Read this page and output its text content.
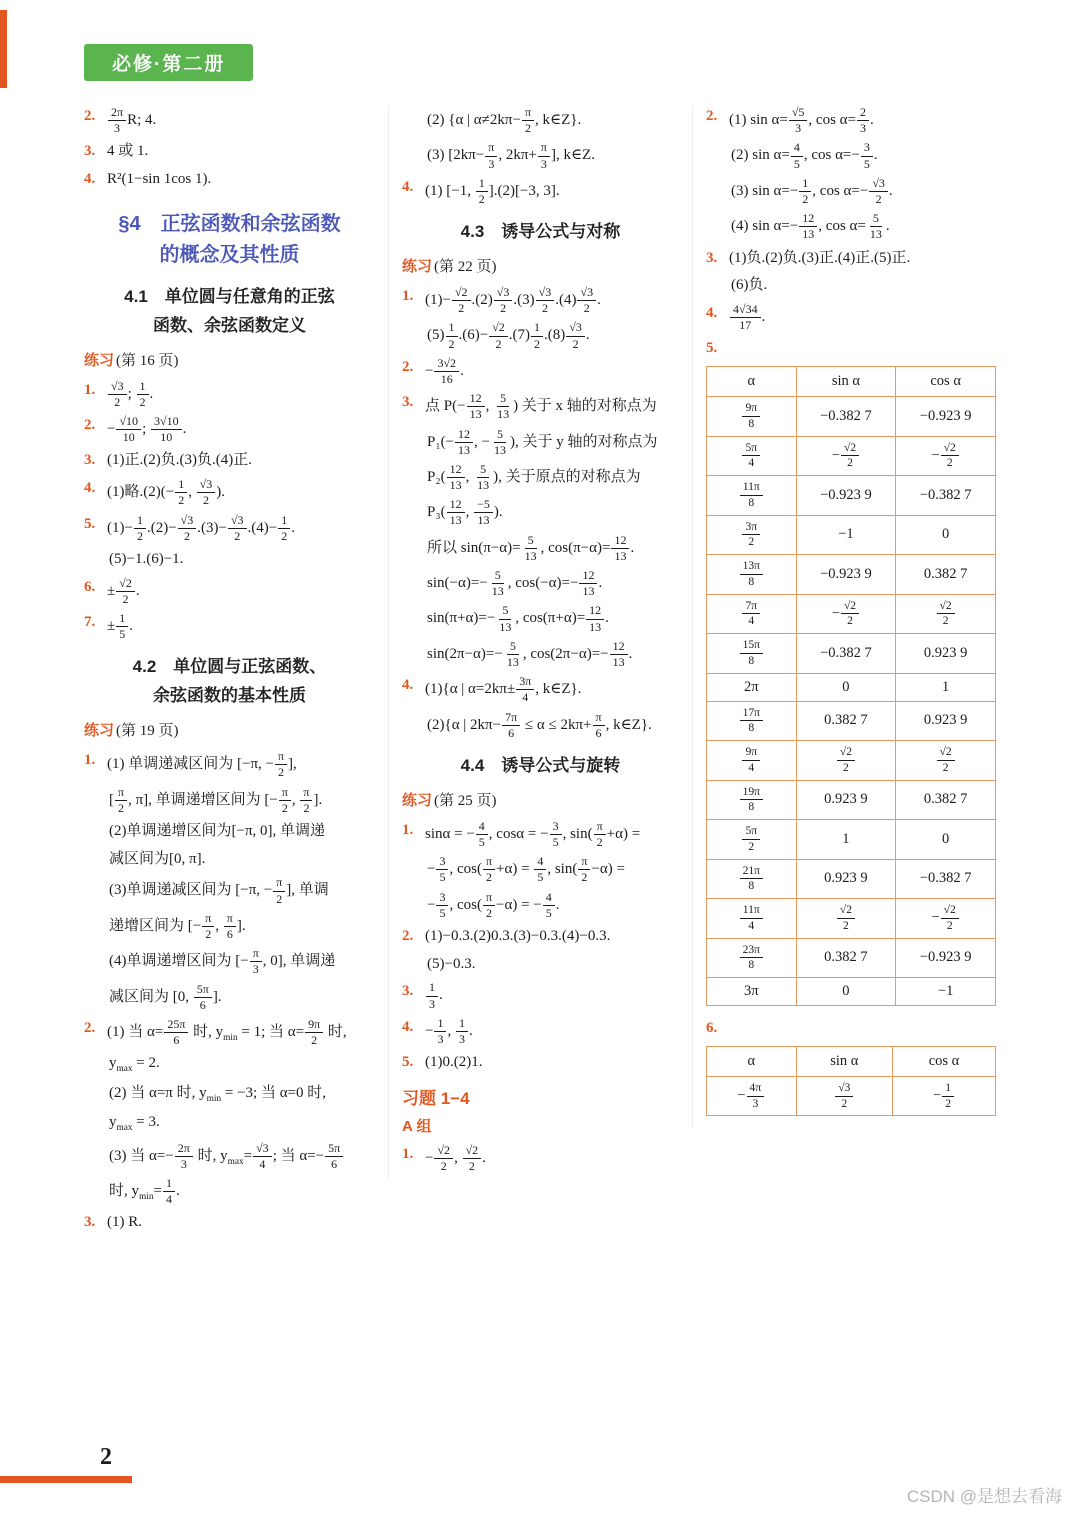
必修·第二册
2.	$\frac{2\pi}{3} R$; 4.
3. 4 或 1.
4. R²(1−sin 1cos 1).
§4　正弦函数和余弦函数
的概念及其性质
4.1　单位圆与任意角的正弦
函数、余弦函数定义
练习 (第 16 页)
1.	$\frac{√3}{2}$ ; $\frac{1}{2}$ .
2. − $\frac{√10}{10}$ ; $\frac{3√10}{10}$ .
3. (1)正.(2)负.(3)负.(4)正.
4. (1)略$.(2)(- \frac{1}{2}$ , $\frac{√3}{2}$ ).
5. $(1)- \frac{1}{2} .(2)- \frac{√3}{2} .(3)- \frac{√3}{2} .(4)- \frac{1}{2}$ .
(5)−1.(6)−1.
6. ± $\frac{√2}{2}$ .
7. ± $\frac{1}{5}$ .
4.2　单位圆与正弦函数、
余弦函数的基本性质
练习 (第 19 页)
1. (1) 单调递减区间为 [−π, − $\frac{\pi}{2}$ ],
[ $\frac{\pi}{2}$ , π], 单调递增区间为 [− $\frac{\pi}{2}$ , $\frac{\pi}{2}$ ].
(2)单调递增区间为[−π, 0], 单调递
减区间为[0, π].
(3)单调递减区间为 [−π, − $\frac{\pi}{2}$ ], 单调
递增区间为 [− $\frac{\pi}{2}$ , $\frac{\pi}{6}$ ].
(4)单调递增区间为 [− $\frac{\pi}{3}$ , 0], 单调递
减区间为 [0, $\frac{5\pi}{6}$ ].
2. (1) 当 $\alpha= \frac{25\pi}{6}$ 时, $y_{min} = 1$; 当 $\alpha= \frac{9\pi}{2}$ 时,
$y_{max} = 2$.
(2) 当 α=π 时, $y_{min} = -3$; 当 α=0 时,
$y_{max} = 3$.
(3) 当 $\alpha=- \frac{2\pi}{3}$ 时, $y_{max}= \frac{√3}{4}$ ; 当 $\alpha=- \frac{5\pi}{6}$
时, $y_{min}= \frac{1}{4}$ .
3. (1) R.
(2) {α | $\alpha\ne 2k\pi- \frac{\pi}{2}$ , k∈Z}.
(3) [$2k\pi- \frac{\pi}{3}$ , $2k\pi+ \frac{\pi}{3}$ ], k∈Z.
4. (1) [−1, $\frac{1}{2} ].(2)[-3$, 3].
4.3　诱导公式与对称
练习 (第 22 页)
1. $(1)- \frac{√2}{2} .(2) \frac{√3}{2} .(3) \frac{√3}{2} .(4) \frac{√3}{2}$ .
$(5) \frac{1}{2} .(6)- \frac{√2}{2} .(7) \frac{1}{2} .(8) \frac{√3}{2}$ .
2. − $\frac{3√2}{16}$ .
3. 点 $P(- \frac{12}{13}$ , $\frac{5}{13}$ ) 关于 x 轴的对称点为
$P_1(- \frac{12}{13}$ , − $\frac{5}{13}$ ), 关于 y 轴的对称点为
$P_2( \frac{12}{13}$ , $\frac{5}{13}$ ), 关于原点的对称点为
$P_3( \frac{12}{13}$ , $\frac{-5}{13}$ ).
所以 $\sin(\pi-\alpha)= \frac{5}{13}$ , $\cos(\pi-\alpha)= \frac{12}{13}$ .
$\sin(-\alpha)=- \frac{5}{13}$ , $\cos(-\alpha)=- \frac{12}{13}$ .
$\sin(\pi+\alpha)=- \frac{5}{13}$ , $\cos(\pi+\alpha)= \frac{12}{13}$ .
$\sin(2\pi-\alpha)=- \frac{5}{13}$ , $\cos(2\pi-\alpha)=- \frac{12}{13}$ .
4. (1){α | $\alpha=2k\pi\pm \frac{3\pi}{4}$ , k∈Z}.
(2){α | $2k\pi- \frac{7\pi}{6} \le \alpha \le 2k\pi+ \frac{\pi}{6}$ , k∈Z}.
4.4　诱导公式与旋转
练习 (第 25 页)
1. sinα = − $\frac{4}{5}$ , cosα = − $\frac{3}{5}$ , $\sin( \frac{\pi}{2} +\alpha)$ =
− $\frac{3}{5}$ , $\cos( \frac{\pi}{2} +\alpha) = \frac{4}{5}$ , $\sin( \frac{\pi}{2} -\alpha)$ =
− $\frac{3}{5}$ , $\cos( \frac{\pi}{2} -\alpha)$ = − $\frac{4}{5}$ .
2. (1)−0.3.(2)0.3.(3)−0.3.(4)−0.3.
(5)−0.3.
3.	$\frac{1}{3}$ .
4. − $\frac{1}{3}$ , $\frac{1}{3}$ .
5. (1)0.(2)1.
习题 1−4
A 组
1. − $\frac{√2}{2}$ , $\frac{√2}{2}$ .
2. (1) $\sin \alpha= \frac{√5}{3}$ , $\cos \alpha= \frac{2}{3}$ .
(2) $\sin \alpha= \frac{4}{5}$ , $\cos \alpha=- \frac{3}{5}$ .
(3) $\sin \alpha=- \frac{1}{2}$ , $\cos \alpha=- \frac{√3}{2}$ .
(4) $\sin \alpha=- \frac{12}{13}$ , $\cos \alpha= \frac{5}{13}$ .
3. (1)负.(2)负.(3)正.(4)正.(5)正.
(6)负.
4.	$\frac{4√34}{17}$ .
5.
α	sin α	cos α

$\frac{9\pi}{8}$	−0.382 7	−0.923 9

$\frac{5\pi}{4}$	− $\frac{√2}{2}$	− $\frac{√2}{2}$

$\frac{11\pi}{8}$	−0.923 9	−0.382 7

$\frac{3\pi}{2}$	−1	0

$\frac{13\pi}{8}$	−0.923 9	0.382 7

$\frac{7\pi}{4}$	− $\frac{√2}{2}$	$\frac{√2}{2}$

$\frac{15\pi}{8}$	−0.382 7	0.923 9
2π	0	1

$\frac{17\pi}{8}$	0.382 7	0.923 9

$\frac{9\pi}{4}$	$\frac{√2}{2}$	$\frac{√2}{2}$

$\frac{19\pi}{8}$	0.923 9	0.382 7

$\frac{5\pi}{2}$	1	0

$\frac{21\pi}{8}$	0.923 9	−0.382 7

$\frac{11\pi}{4}$	$\frac{√2}{2}$	− $\frac{√2}{2}$

$\frac{23\pi}{8}$	0.382 7	−0.923 9
3π	0	−1
6.
α	sin α	cos α
− $\frac{4\pi}{3}$	$\frac{√3}{2}$	− $\frac{1}{2}$
2
CSDN @是想去看海
